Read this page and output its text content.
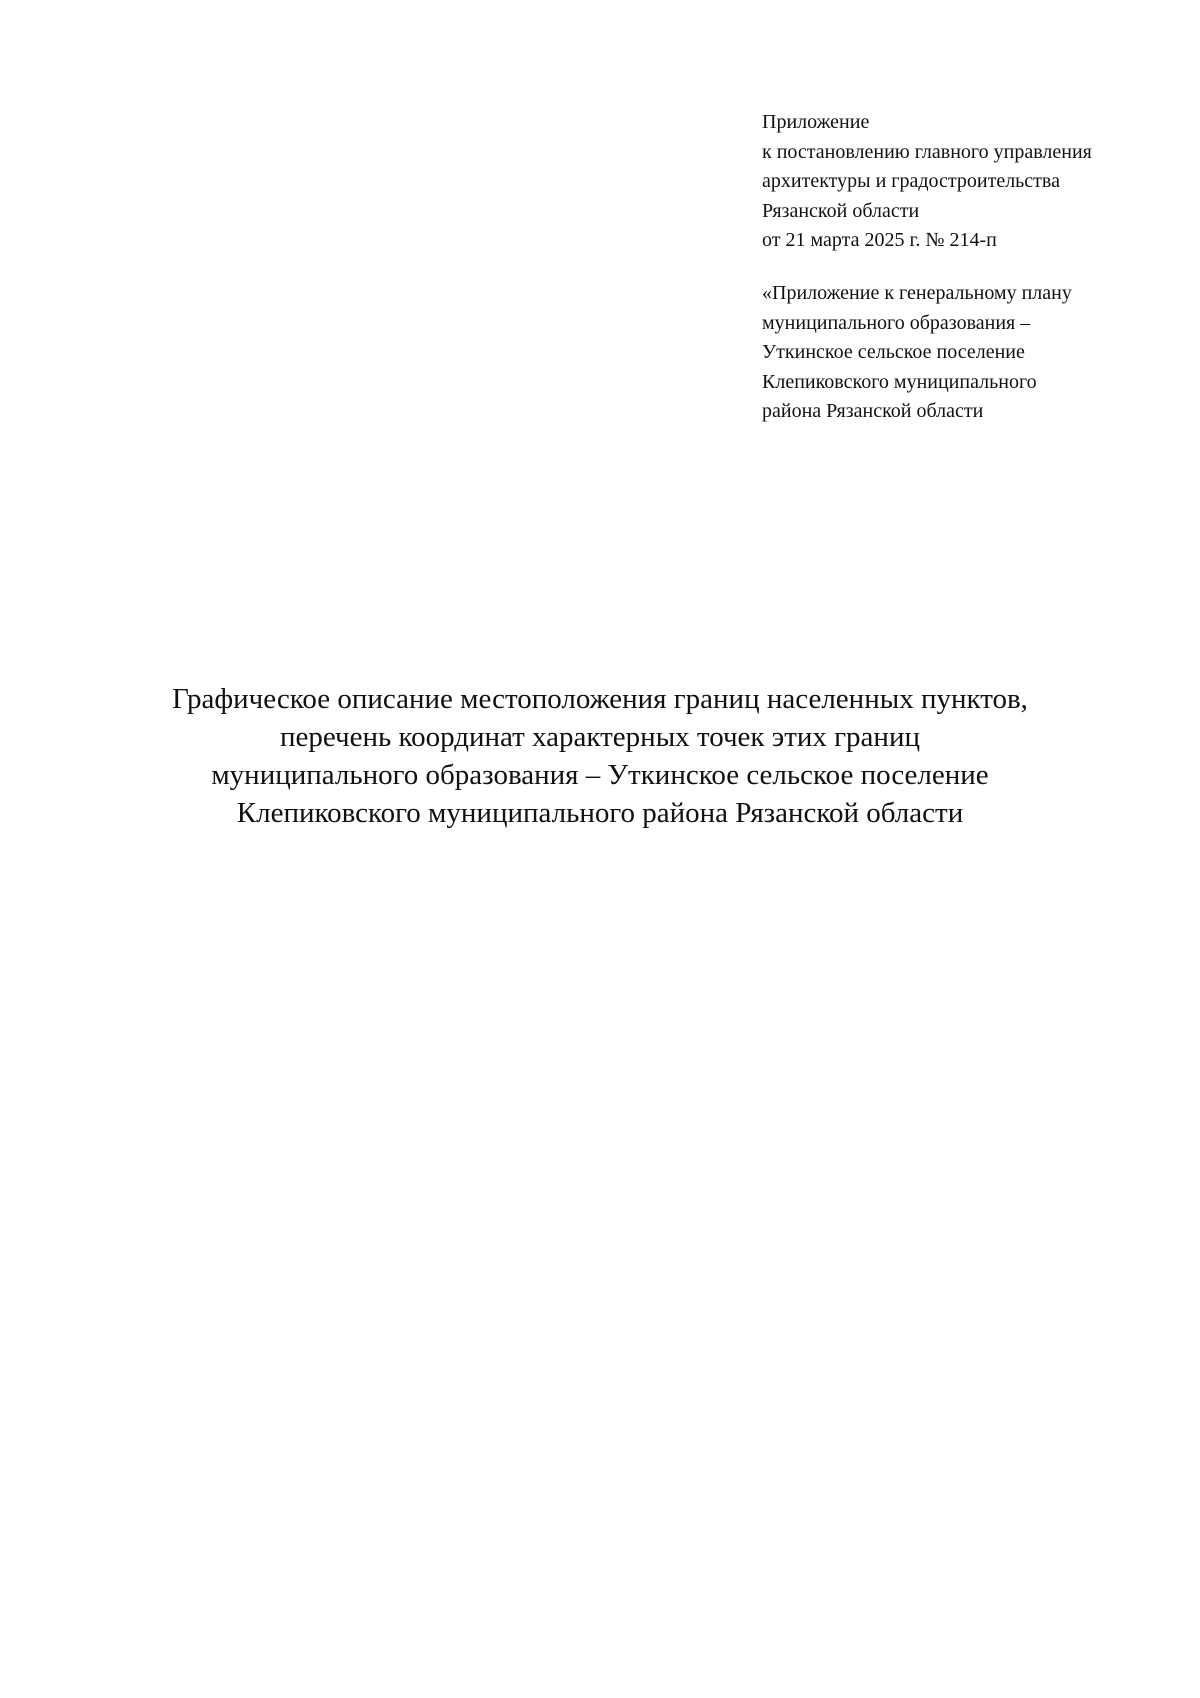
Приложение
к постановлению главного управления
архитектуры и градостроительства
Рязанской области
от 21 марта 2025 г. № 214-п
«Приложение к генеральному плану
муниципального образования –
Уткинское сельское поселение
Клепиковского муниципального
района Рязанской области
Графическое описание местоположения границ населенных пунктов,
перечень координат характерных точек этих границ
муниципального образования – Уткинское сельское поселение
Клепиковского муниципального района Рязанской области
